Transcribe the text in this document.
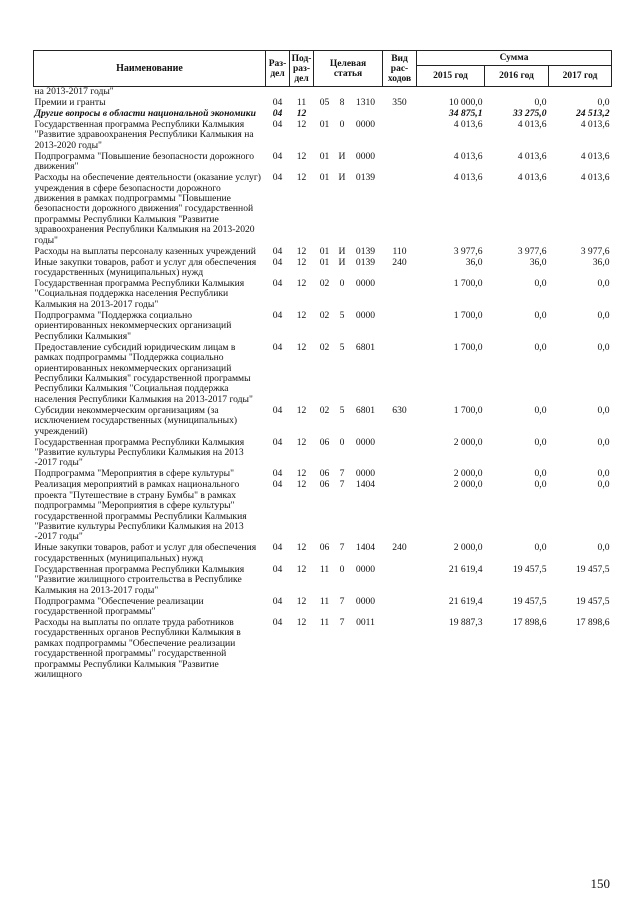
Наименование	Раз-дел	Под-раз-дел	Целевая статья			Вид рас-ходов	Сумма		
							2015 год	2016 год	2017 год
на 2013-2017 годы"									
Премии и гранты	04	11	05	8	1310	350	10 000,0	0,0	0,0
Другие вопросы в области национальной экономики	04	12					34 875,1	33 275,0	24 513,2
Государственная программа Республики Калмыкия "Развитие здравоохранения Республики Калмыкия на 2013-2020 годы"	04	12	01	0	0000		4 013,6	4 013,6	4 013,6
Подпрограмма "Повышение безопасности дорожного движения"	04	12	01	И	0000		4 013,6	4 013,6	4 013,6
Расходы на обеспечение деятельности (оказание услуг) учреждения в сфере безопасности дорожного движения в рамках подпрограммы "Повышение безопасности дорожного движения" государственной программы Республики Калмыкия "Развитие здравоохранения Республики Калмыкия на 2013-2020 годы"	04	12	01	И	0139		4 013,6	4 013,6	4 013,6
Расходы на выплаты персоналу казенных учреждений	04	12	01	И	0139	110	3 977,6	3 977,6	3 977,6
Иные закупки товаров, работ и услуг для обеспечения государственных (муниципальных) нужд	04	12	01	И	0139	240	36,0	36,0	36,0
Государственная программа Республики Калмыкия "Социальная поддержка населения Республики Калмыкия на 2013-2017 годы"	04	12	02	0	0000		1 700,0	0,0	0,0
Подпрограмма "Поддержка социально ориентированных некоммерческих организаций Республики Калмыкия"	04	12	02	5	0000		1 700,0	0,0	0,0
Предоставление субсидий юридическим лицам в рамках подпрограммы "Поддержка социально ориентированных некоммерческих организаций Республики Калмыкия" государственной программы Республики Калмыкия "Социальная поддержка населения Республики Калмыкия на 2013-2017 годы"	04	12	02	5	6801		1 700,0	0,0	0,0
Субсидии некоммерческим организациям (за исключением государственных (муниципальных) учреждений)	04	12	02	5	6801	630	1 700,0	0,0	0,0
Государственная программа Республики Калмыкия "Развитие культуры Республики Калмыкия на 2013 -2017 годы"	04	12	06	0	0000		2 000,0	0,0	0,0
Подпрограмма "Мероприятия в сфере культуры"	04	12	06	7	0000		2 000,0	0,0	0,0
Реализация мероприятий в рамках национального проекта "Путешествие в страну Бумбы" в рамках подпрограммы "Мероприятия в сфере культуры" государственной программы Республики Калмыкия "Развитие культуры Республики Калмыкия на 2013 -2017 годы"	04	12	06	7	1404		2 000,0	0,0	0,0
Иные закупки товаров, работ и услуг для обеспечения государственных (муниципальных) нужд	04	12	06	7	1404	240	2 000,0	0,0	0,0
Государственная программа Республики Калмыкия "Развитие жилищного строительства в Республике Калмыкия на 2013-2017 годы"	04	12	11	0	0000		21 619,4	19 457,5	19 457,5
Подпрограмма "Обеспечение реализации государственной программы"	04	12	11	7	0000		21 619,4	19 457,5	19 457,5
Расходы на выплаты по оплате труда работников государственных органов Республики Калмыкия в рамках подпрограммы "Обеспечение реализации государственной программы" государственной программы Республики Калмыкия "Развитие жилищного	04	12	11	7	0011		19 887,3	17 898,6	17 898,6
150
